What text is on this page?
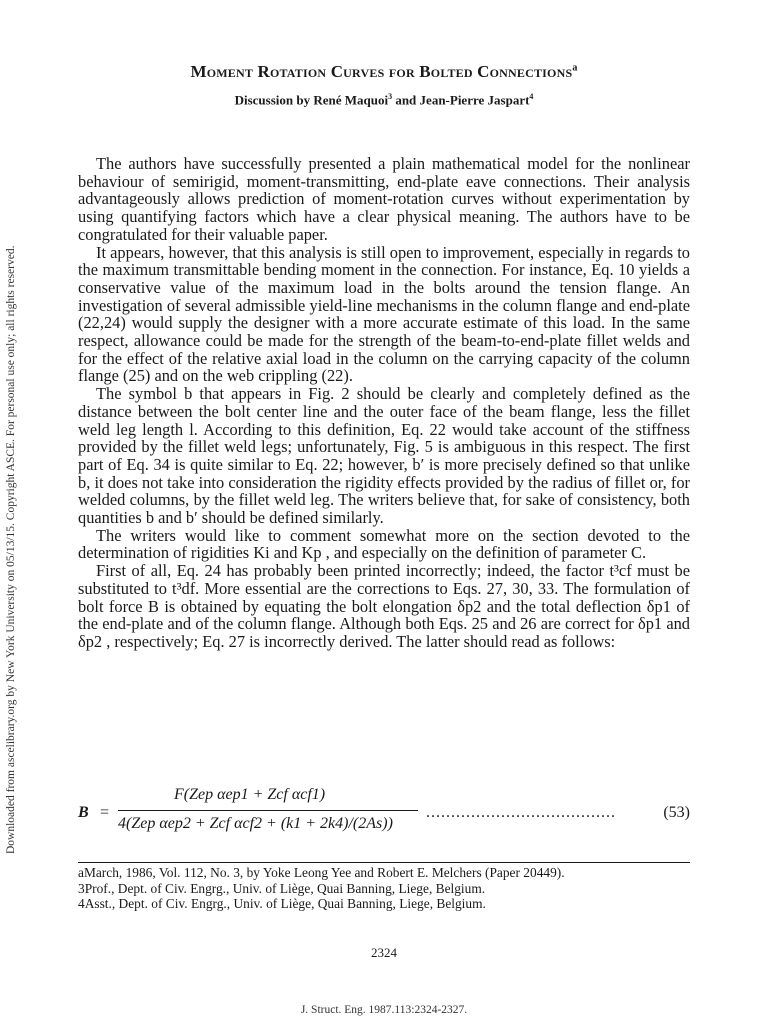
Downloaded from ascelibrary.org by New York University on 05/13/15. Copyright ASCE. For personal use only; all rights reserved.
Moment Rotation Curves for Bolted Connections$^a$
Discussion by René Maquoi$^3$ and Jean-Pierre Jaspart$^4$

The authors have successfully presented a plain mathematical model for the nonlinear behaviour of semirigid, moment-transmitting, end-plate eave connections. Their analysis advantageously allows prediction of moment-rotation curves without experimentation by using quantifying factors which have a clear physical meaning. The authors have to be congratulated for their valuable paper.

It appears, however, that this analysis is still open to improvement, especially in regards to the maximum transmittable bending moment in the connection. For instance, Eq. 10 yields a conservative value of the maximum load in the bolts around the tension flange. An investigation of several admissible yield-line mechanisms in the column flange and end-plate (22,24) would supply the designer with a more accurate estimate of this load. In the same respect, allowance could be made for the strength of the beam-to-end-plate fillet welds and for the effect of the relative axial load in the column on the carrying capacity of the column flange (25) and on the web crippling (22).

The symbol b that appears in Fig. 2 should be clearly and completely defined as the distance between the bolt center line and the outer face of the beam flange, less the fillet weld leg length l. According to this definition, Eq. 22 would take account of the stiffness provided by the fillet weld legs; unfortunately, Fig. 5 is ambiguous in this respect. The first part of Eq. 34 is quite similar to Eq. 22; however, b′ is more precisely defined so that unlike b, it does not take into consideration the rigidity effects provided by the radius of fillet or, for welded columns, by the fillet weld leg. The writers believe that, for sake of consistency, both quantities b and b′ should be defined similarly.

The writers would like to comment somewhat more on the section devoted to the determination of rigidities Ki and Kp , and especially on the definition of parameter C.

First of all, Eq. 24 has probably been printed incorrectly; indeed, the factor t³cf must be substituted to t³df. More essential are the corrections to Eqs. 27, 30, 33. The formulation of bolt force B is obtained by equating the bolt elongation δp2 and the total deflection δp1 of the end-plate and of the column flange. Although both Eqs. 25 and 26 are correct for δp1 and δp2 , respectively; Eq. 27 is incorrectly derived. The latter should read as follows:

B =
F(Zep αep1 + Zcf αcf1)
4(Zep αep2 + Zcf αcf2 + (k1 + 2k4)/(2As))
......................................	(53)

aMarch, 1986, Vol. 112, No. 3, by Yoke Leong Yee and Robert E. Melchers (Paper 20449).

3Prof., Dept. of Civ. Engrg., Univ. of Liège, Quai Banning, Liege, Belgium.

4Asst., Dept. of Civ. Engrg., Univ. of Liège, Quai Banning, Liege, Belgium.

2324
J. Struct. Eng. 1987.113:2324-2327.
